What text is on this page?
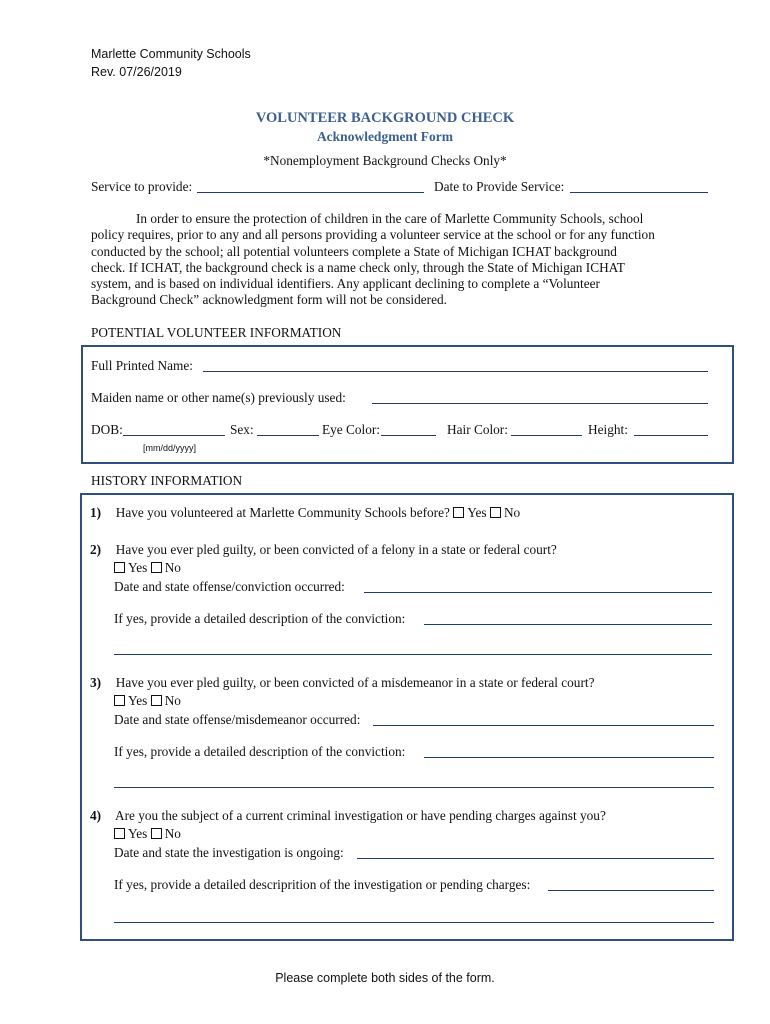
Marlette Community Schools
Rev. 07/26/2019
VOLUNTEER BACKGROUND CHECK
Acknowledgment Form
*Nonemployment Background Checks Only*
Service to provide:	Date to Provide Service:

In order to ensure the protection of children in the care of Marlette Community Schools, school

policy requires, prior to any and all persons providing a volunteer service at the school or for any function

conducted by the school; all potential volunteers complete a State of Michigan ICHAT background

check. If ICHAT, the background check is a name check only, through the State of Michigan ICHAT

system, and is based on individual identifiers. Any applicant declining to complete a “Volunteer

Background Check” acknowledgment form will not be considered.

POTENTIAL VOLUNTEER INFORMATION
Full Printed Name:
Maiden name or other name(s) previously used:
DOB:	Sex:	Eye Color:	Hair Color:	Height:
[mm/dd/yyyy]
HISTORY INFORMATION
1) Have you volunteered at Marlette Community Schools before? Yes No
2) Have you ever pled guilty, or been convicted of a felony in a state or federal court?
Yes No
Date and state offense/conviction occurred:
If yes, provide a detailed description of the conviction:
3) Have you ever pled guilty, or been convicted of a misdemeanor in a state or federal court?
Yes No
Date and state offense/misdemeanor occurred:
If yes, provide a detailed description of the conviction:
4) Are you the subject of a current criminal investigation or have pending charges against you?
Yes No
Date and state the investigation is ongoing:
If yes, provide a detailed descriprition of the investigation or pending charges:
Please complete both sides of the form.
